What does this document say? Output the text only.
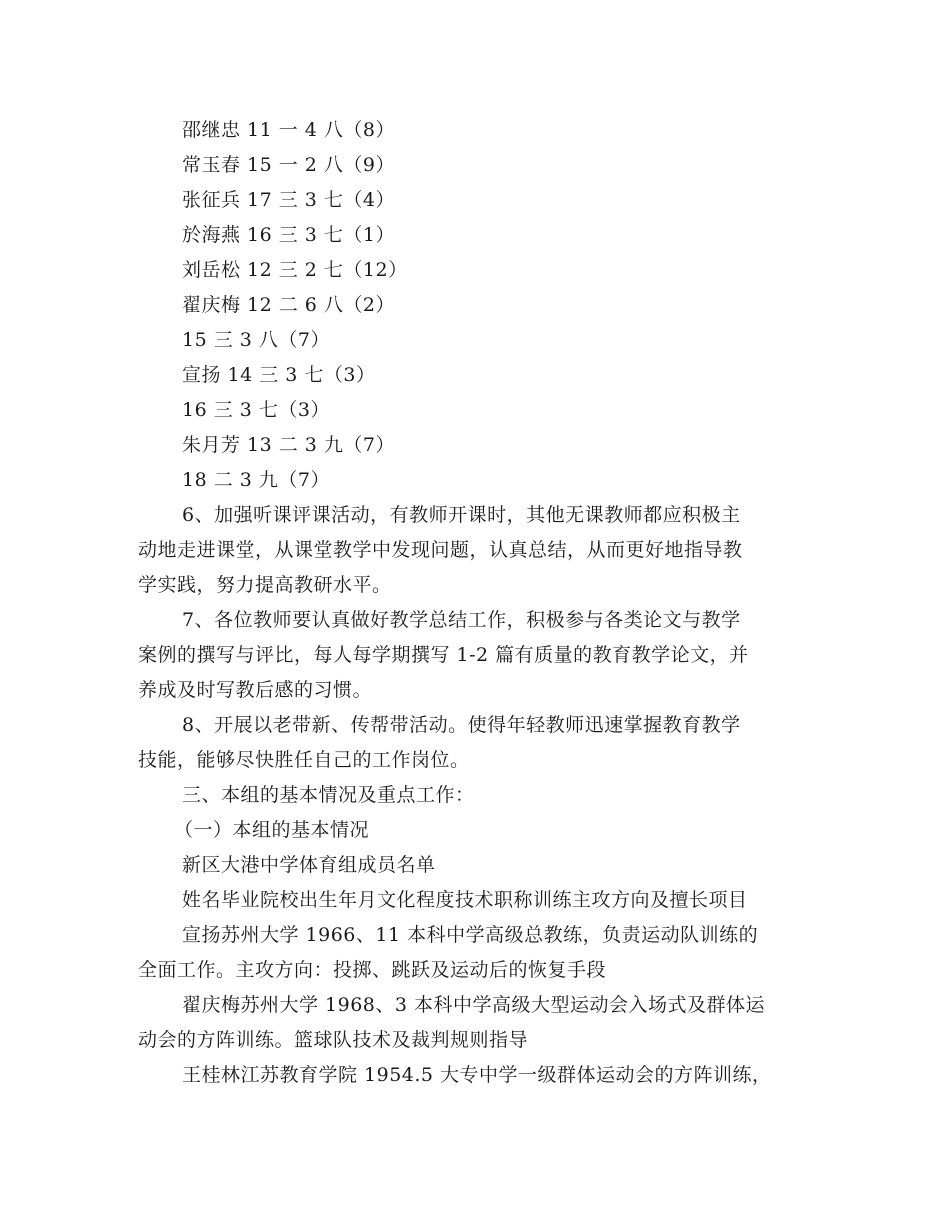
邵继忠 11 一 4 八（8）
常玉春 15 一 2 八（9）
张征兵 17 三 3 七（4）
於海燕 16 三 3 七（1）
刘岳松 12 三 2 七（12）
翟庆梅 12 二 6 八（2）
15 三 3 八（7）
宣扬 14 三 3 七（3）
16 三 3 七（3）
朱月芳 13 二 3 九（7）
18 二 3 九（7）
6、加强听课评课活动，有教师开课时，其他无课教师都应积极主
动地走进课堂，从课堂教学中发现问题，认真总结，从而更好地指导教
学实践，努力提高教研水平。
7、各位教师要认真做好教学总结工作，积极参与各类论文与教学
案例的撰写与评比，每人每学期撰写 1-2 篇有质量的教育教学论文，并
养成及时写教后感的习惯。
8、开展以老带新、传帮带活动。使得年轻教师迅速掌握教育教学
技能，能够尽快胜任自己的工作岗位。
三、本组的基本情况及重点工作：
（一）本组的基本情况
新区大港中学体育组成员名单
姓名毕业院校出生年月文化程度技术职称训练主攻方向及擅长项目
宣扬苏州大学 1966、11 本科中学高级总教练，负责运动队训练的
全面工作。主攻方向：投掷、跳跃及运动后的恢复手段
翟庆梅苏州大学 1968、3 本科中学高级大型运动会入场式及群体运
动会的方阵训练。篮球队技术及裁判规则指导
王桂林江苏教育学院 1954.5 大专中学一级群体运动会的方阵训练，
